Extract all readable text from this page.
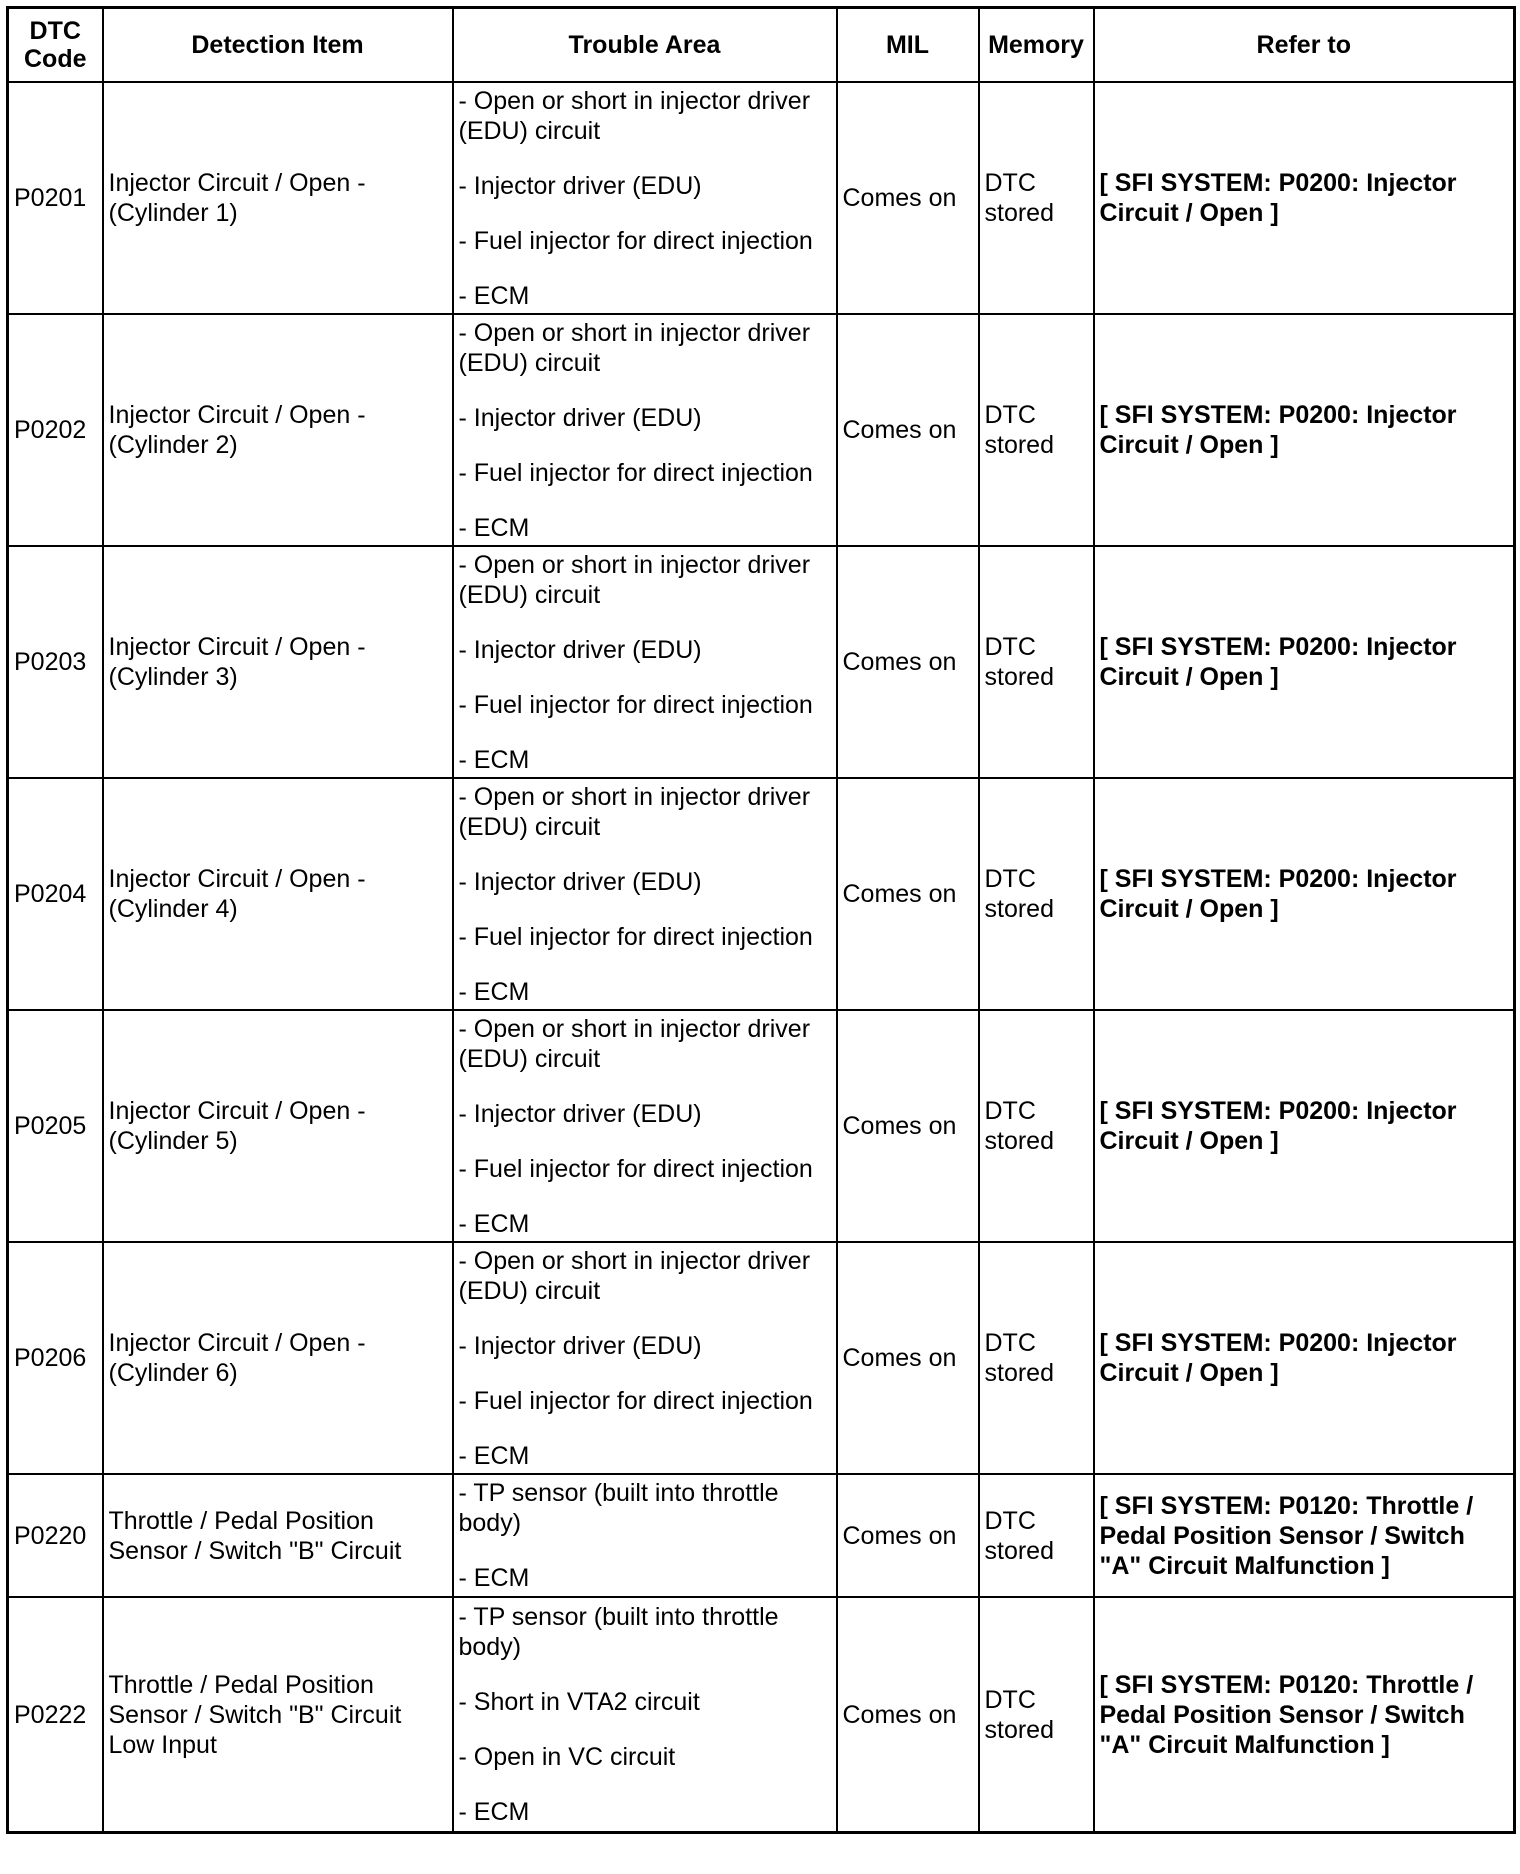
DTC Code	Detection Item	Trouble Area	MIL	Memory	Refer to
P0201	Injector Circuit / Open - (Cylinder 1)	- Open or short in injector driver (EDU) circuit
- Injector driver (EDU)
- Fuel injector for direct injection
- ECM	Comes on	DTC stored	[ SFI SYSTEM: P0200: Injector Circuit / Open ]
P0202	Injector Circuit / Open - (Cylinder 2)	- Open or short in injector driver (EDU) circuit
- Injector driver (EDU)
- Fuel injector for direct injection
- ECM	Comes on	DTC stored	[ SFI SYSTEM: P0200: Injector Circuit / Open ]
P0203	Injector Circuit / Open - (Cylinder 3)	- Open or short in injector driver (EDU) circuit
- Injector driver (EDU)
- Fuel injector for direct injection
- ECM	Comes on	DTC stored	[ SFI SYSTEM: P0200: Injector Circuit / Open ]
P0204	Injector Circuit / Open - (Cylinder 4)	- Open or short in injector driver (EDU) circuit
- Injector driver (EDU)
- Fuel injector for direct injection
- ECM	Comes on	DTC stored	[ SFI SYSTEM: P0200: Injector Circuit / Open ]
P0205	Injector Circuit / Open - (Cylinder 5)	- Open or short in injector driver (EDU) circuit
- Injector driver (EDU)
- Fuel injector for direct injection
- ECM	Comes on	DTC stored	[ SFI SYSTEM: P0200: Injector Circuit / Open ]
P0206	Injector Circuit / Open - (Cylinder 6)	- Open or short in injector driver (EDU) circuit
- Injector driver (EDU)
- Fuel injector for direct injection
- ECM	Comes on	DTC stored	[ SFI SYSTEM: P0200: Injector Circuit / Open ]
P0220	Throttle / Pedal Position Sensor / Switch "B" Circuit	- TP sensor (built into throttle body)
- ECM	Comes on	DTC stored	[ SFI SYSTEM: P0120: Throttle / Pedal Position Sensor / Switch "A" Circuit Malfunction ]
P0222	Throttle / Pedal Position Sensor / Switch "B" Circuit Low Input	- TP sensor (built into throttle body)
- Short in VTA2 circuit
- Open in VC circuit
- ECM	Comes on	DTC stored	[ SFI SYSTEM: P0120: Throttle / Pedal Position Sensor / Switch "A" Circuit Malfunction ]
